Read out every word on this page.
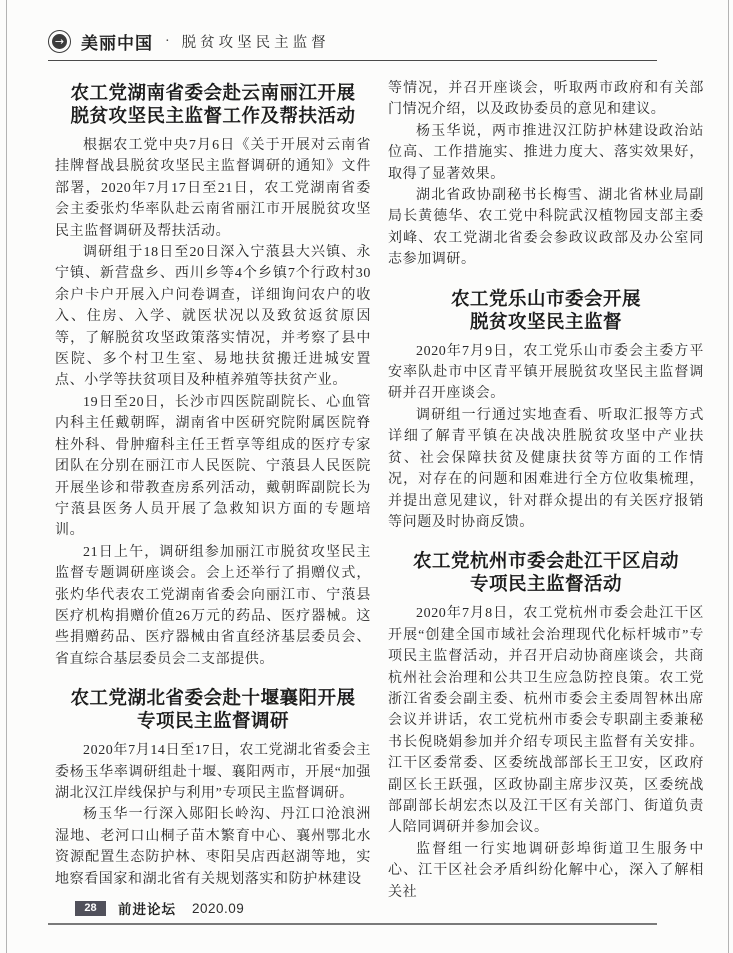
→ 美丽中国 · 脱贫攻坚民主监督
农工党湖南省委会赴云南丽江开展
脱贫攻坚民主监督工作及帮扶活动

根据农工党中央7月6日《关于开展对云南省挂牌督战县脱贫攻坚民主监督调研的通知》文件部署，2020年7月17日至21日，农工党湖南省委会主委张灼华率队赴云南省丽江市开展脱贫攻坚民主监督调研及帮扶活动。

调研组于18日至20日深入宁蒗县大兴镇、永宁镇、新营盘乡、西川乡等4个乡镇7个行政村30余户卡户开展入户问卷调查，详细询问农户的收入、住房、入学、就医状况以及致贫返贫原因等，了解脱贫攻坚政策落实情况，并考察了县中医院、多个村卫生室、易地扶贫搬迁进城安置点、小学等扶贫项目及种植养殖等扶贫产业。

19日至20日，长沙市四医院副院长、心血管内科主任戴朝晖，湖南省中医研究院附属医院脊柱外科、骨肿瘤科主任王哲享等组成的医疗专家团队在分别在丽江市人民医院、宁蒗县人民医院开展坐诊和带教查房系列活动，戴朝晖副院长为宁蒗县医务人员开展了急救知识方面的专题培训。

21日上午，调研组参加丽江市脱贫攻坚民主监督专题调研座谈会。会上还举行了捐赠仪式，张灼华代表农工党湖南省委会向丽江市、宁蒗县医疗机构捐赠价值26万元的药品、医疗器械。这些捐赠药品、医疗器械由省直经济基层委员会、省直综合基层委员会二支部提供。

农工党湖北省委会赴十堰襄阳开展
专项民主监督调研

2020年7月14日至17日，农工党湖北省委会主委杨玉华率调研组赴十堰、襄阳两市，开展“加强湖北汉江岸线保护与利用”专项民主监督调研。

杨玉华一行深入郧阳长岭沟、丹江口沧浪洲湿地、老河口山桐子苗木繁育中心、襄州鄂北水资源配置生态防护林、枣阳吴店西赵湖等地，实地察看国家和湖北省有关规划落实和防护林建设

等情况，并召开座谈会，听取两市政府和有关部门情况介绍，以及政协委员的意见和建议。

杨玉华说，两市推进汉江防护林建设政治站位高、工作措施实、推进力度大、落实效果好，取得了显著效果。

湖北省政协副秘书长梅雪、湖北省林业局副局长黄德华、农工党中科院武汉植物园支部主委刘峰、农工党湖北省委会参政议政部及办公室同志参加调研。

农工党乐山市委会开展
脱贫攻坚民主监督

2020年7月9日，农工党乐山市委会主委方平安率队赴市中区青平镇开展脱贫攻坚民主监督调研并召开座谈会。

调研组一行通过实地查看、听取汇报等方式详细了解青平镇在决战决胜脱贫攻坚中产业扶贫、社会保障扶贫及健康扶贫等方面的工作情况，对存在的问题和困难进行全方位收集梳理，并提出意见建议，针对群众提出的有关医疗报销等问题及时协商反馈。

农工党杭州市委会赴江干区启动
专项民主监督活动

2020年7月8日，农工党杭州市委会赴江干区开展“创建全国市域社会治理现代化标杆城市”专项民主监督活动，并召开启动协商座谈会，共商杭州社会治理和公共卫生应急防控良策。农工党浙江省委会副主委、杭州市委会主委周智林出席会议并讲话，农工党杭州市委会专职副主委兼秘书长倪晓娟参加并介绍专项民主监督有关安排。江干区委常委、区委统战部部长王卫安，区政府副区长王跃强，区政协副主席步汉英，区委统战部副部长胡宏杰以及江干区有关部门、街道负责人陪同调研并参加会议。

监督组一行实地调研彭埠街道卫生服务中心、江干区社会矛盾纠纷化解中心，深入了解相关社

28	前进论坛 2020.09
